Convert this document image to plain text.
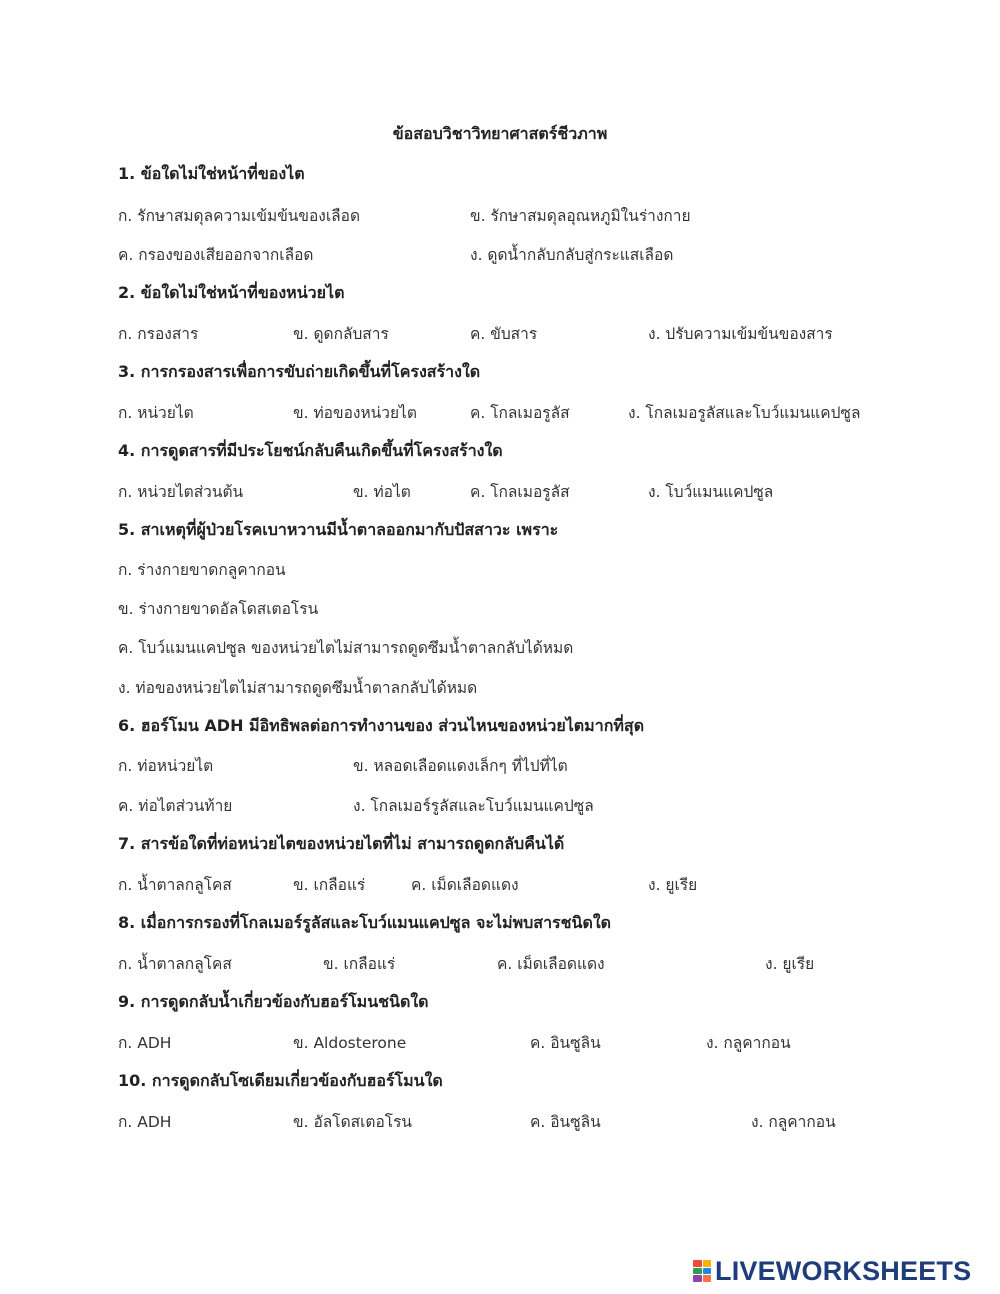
ข้อสอบวิชาวิทยาศาสตร์ชีวภาพ
1. ข้อใดไม่ใช่หน้าที่ของไต
ก. รักษาสมดุลความเข้มข้นของเลือด	ข. รักษาสมดุลอุณหภูมิในร่างกาย
ค. กรองของเสียออกจากเลือด	ง. ดูดน้ำกลับกลับสู่กระแสเลือด
2. ข้อใดไม่ใช่หน้าที่ของหน่วยไต
ก. กรองสาร	ข. ดูดกลับสาร	ค. ขับสาร	ง. ปรับความเข้มข้นของสาร
3. การกรองสารเพื่อการขับถ่ายเกิดขึ้นที่โครงสร้างใด
ก. หน่วยไต	ข. ท่อของหน่วยไต	ค. โกลเมอรูลัส	ง. โกลเมอรูลัสและโบว์แมนแคปซูล
4. การดูดสารที่มีประโยชน์กลับคืนเกิดขึ้นที่โครงสร้างใด
ก. หน่วยไตส่วนต้น	ข. ท่อไต	ค. โกลเมอรูลัส	ง. โบว์แมนแคปซูล
5. สาเหตุที่ผู้ป่วยโรคเบาหวานมีน้ำตาลออกมากับปัสสาวะ เพราะ
ก. ร่างกายขาดกลูคากอน
ข. ร่างกายขาดอัลโดสเตอโรน
ค. โบว์แมนแคปซูล ของหน่วยไตไม่สามารถดูดซึมน้ำตาลกลับได้หมด
ง. ท่อของหน่วยไตไม่สามารถดูดซึมน้ำตาลกลับได้หมด
6. ฮอร์โมน ADH มีอิทธิพลต่อการทำงานของ ส่วนไหนของหน่วยไตมากที่สุด
ก. ท่อหน่วยไต	ข. หลอดเลือดแดงเล็กๆ ที่ไปที่ไต
ค. ท่อไตส่วนท้าย	ง. โกลเมอร์รูลัสและโบว์แมนแคปซูล
7. สารข้อใดที่ท่อหน่วยไตของหน่วยไตที่ไม่ สามารถดูดกลับคืนได้
ก. น้ำตาลกลูโคส	ข. เกลือแร่	ค. เม็ดเลือดแดง	ง. ยูเรีย
8. เมื่อการกรองที่โกลเมอร์รูลัสและโบว์แมนแคปซูล จะไม่พบสารชนิดใด
ก. น้ำตาลกลูโคส	ข. เกลือแร่	ค. เม็ดเลือดแดง	ง. ยูเรีย
9. การดูดกลับน้ำเกี่ยวข้องกับฮอร์โมนชนิดใด
ก. ADH	ข. Aldosterone	ค. อินซูลิน	ง. กลูคากอน
10. การดูดกลับโซเดียมเกี่ยวข้องกับฮอร์โมนใด
ก. ADH	ข. อัลโดสเตอโรน	ค. อินซูลิน	ง. กลูคากอน
LIVEWORKSHEETS
